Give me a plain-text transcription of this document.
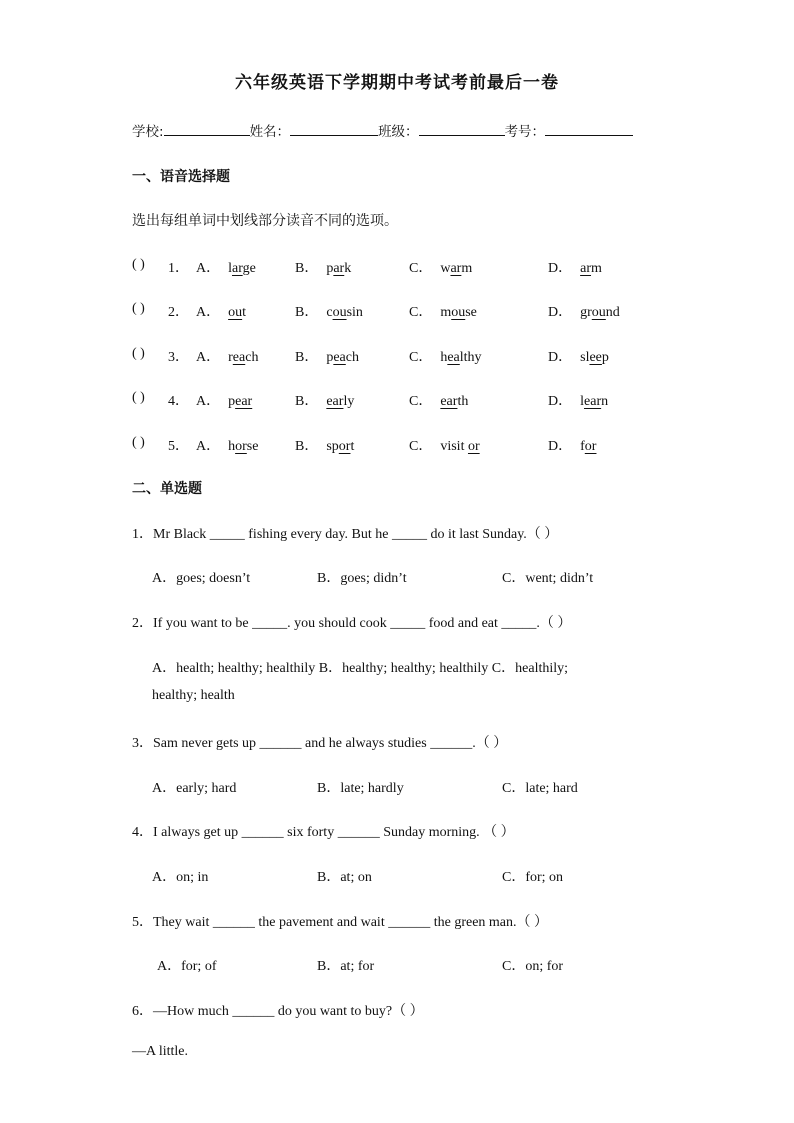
六年级英语下学期期中考试考前最后一卷
学校:	姓名：	班级：	考号：
一、语音选择题
选出每组单词中划线部分读音不同的选项。
( ) 1． A． large	B． park	C． warm	D． arm
( ) 2． A． out	B． cousin	C． mouse	D． ground
( ) 3． A． reach	B． peach	C． healthy	D． sleep
( ) 4． A． pear	B． early	C． earth	D． learn
( ) 5． A． horse	B． sport	C． visit or	D． for
二、单选题
1．Mr Black _____ fishing every day. But he _____ do it last Sunday.（ ）
A．goes; doesn’t	B．goes; didn’t	C．went; didn’t
2．If you want to be _____. you should cook _____ food and eat _____.（ ）
A．health; healthy; healthily B．healthy; healthy; healthily C．healthily;
healthy; health
3．Sam never gets up ______ and he always studies ______.（ ）
A．early; hard	B．late; hardly	C．late; hard
4．I always get up ______ six forty ______ Sunday morning. （ ）
A．on; in	B．at; on	C．for; on
5．They wait ______ the pavement and wait ______ the green man.（ ）
A．for; of	B．at; for	C．on; for
6．—How much ______ do you want to buy?（ ）
—A little.
